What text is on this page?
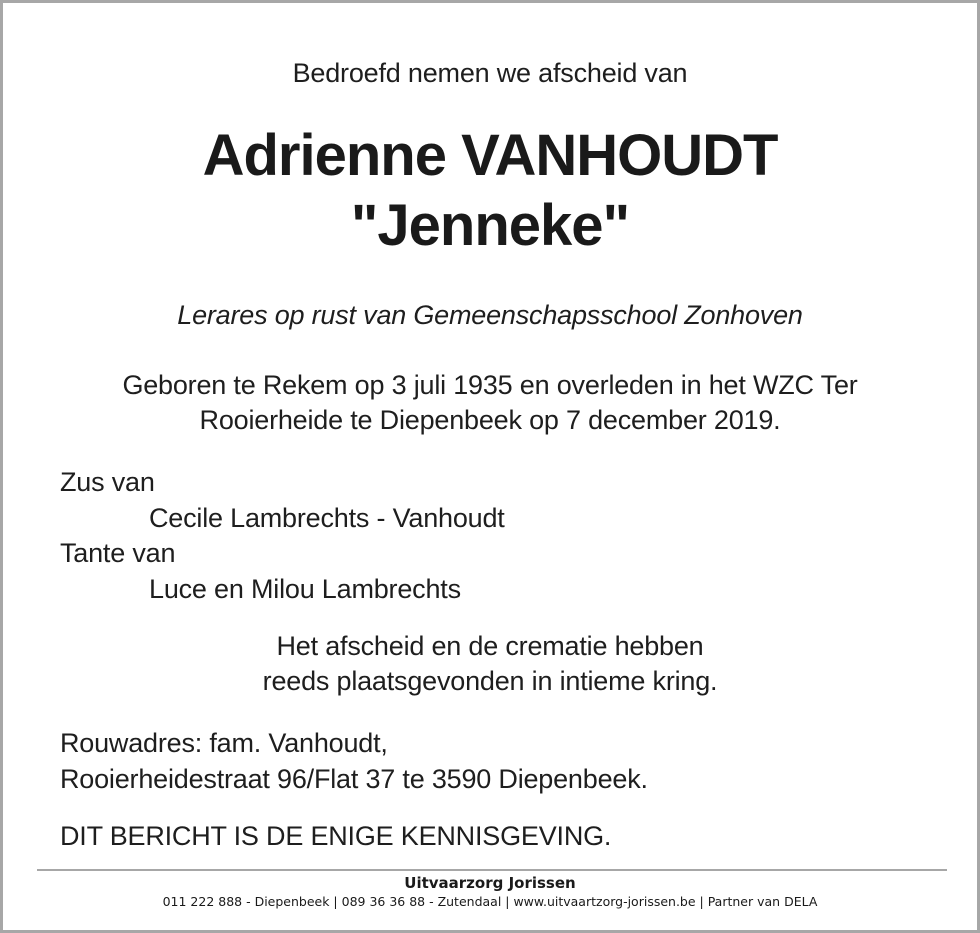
Bedroefd nemen we afscheid van
Adrienne VANHOUDT
"Jenneke"
Lerares op rust van Gemeenschapsschool Zonhoven
Geboren te Rekem op 3 juli 1935 en overleden in het WZC Ter
Rooierheide te Diepenbeek op 7 december 2019.
Zus van
Cecile Lambrechts - Vanhoudt
Tante van
Luce en Milou Lambrechts
Het afscheid en de crematie hebben
reeds plaatsgevonden in intieme kring.
Rouwadres: fam. Vanhoudt,
Rooierheidestraat 96/Flat 37 te 3590 Diepenbeek.
DIT BERICHT IS DE ENIGE KENNISGEVING.
Uitvaarzorg Jorissen
011 222 888 - Diepenbeek | 089 36 36 88 - Zutendaal | www.uitvaartzorg-jorissen.be | Partner van DELA
